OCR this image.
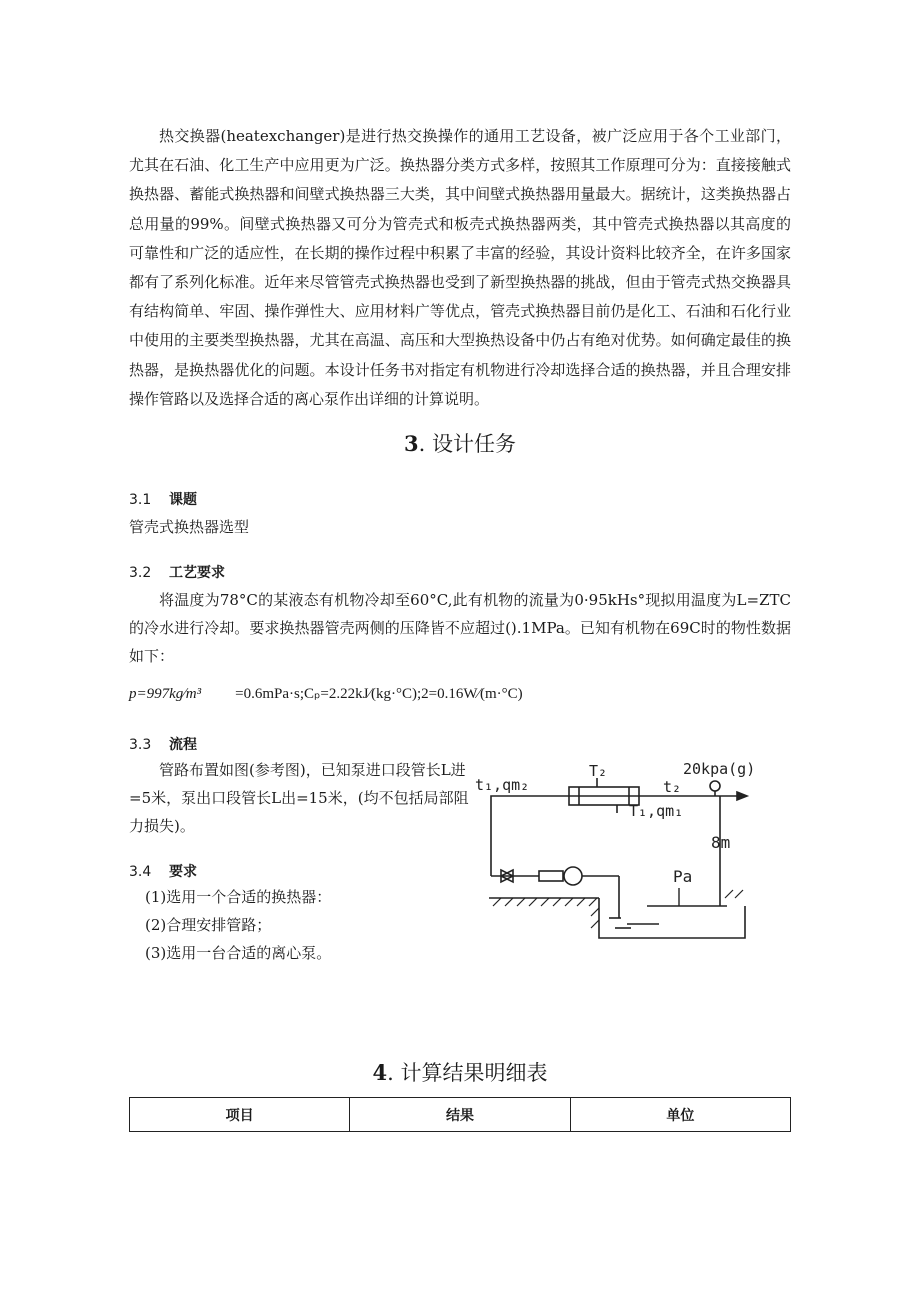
热交换器(heatexchanger)是进行热交换操作的通用工艺设备，被广泛应用于各个工业部门，尤其在石油、化工生产中应用更为广泛。换热器分类方式多样，按照其工作原理可分为：直接接触式换热器、蓄能式换热器和间壁式换热器三大类，其中间壁式换热器用量最大。据统计，这类换热器占总用量的99%。间壁式换热器又可分为管壳式和板壳式换热器两类，其中管壳式换热器以其高度的可靠性和广泛的适应性，在长期的操作过程中积累了丰富的经验，其设计资料比较齐全，在许多国家都有了系列化标准。近年来尽管管壳式换热器也受到了新型换热器的挑战，但由于管壳式热交换器具有结构简单、牢固、操作弹性大、应用材料广等优点，管壳式换热器目前仍是化工、石油和石化行业中使用的主要类型换热器，尤其在高温、高压和大型换热设备中仍占有绝对优势。如何确定最佳的换热器，是换热器优化的问题。本设计任务书对指定有机物进行冷却选择合适的换热器，并且合理安排操作管路以及选择合适的离心泵作出详细的计算说明。

3. 设计任务

3.1 课题

管壳式换热器选型

3.2 工艺要求

将温度为78°C的某液态有机物冷却至60°C,此有机物的流量为0·95kHs°现拟用温度为L=ZTC的冷水进行冷却。要求换热器管壳两侧的压降皆不应超过().1MPa。已知有机物在69C时的物性数据如下：

p=997kg∕m³ =0.6mPa·s;Cₚ=2.22kJ∕(kg·°C);2=0.16W∕(m·°C)

3.3 流程

管路布置如图(参考图)，已知泵进口段管长L进=5米，泵出口段管长L出=15米，(均不包括局部阻力损失)。

3.4 要求

(1)选用一个合适的换热器：
(2)合理安排管路；
(3)选用一台合适的离心泵。
t₁,qm₂
T₂
t₂
20kpa(g)
T₁,qm₁
8m
Pa
4. 计算结果明细表
项目	结果	单位
